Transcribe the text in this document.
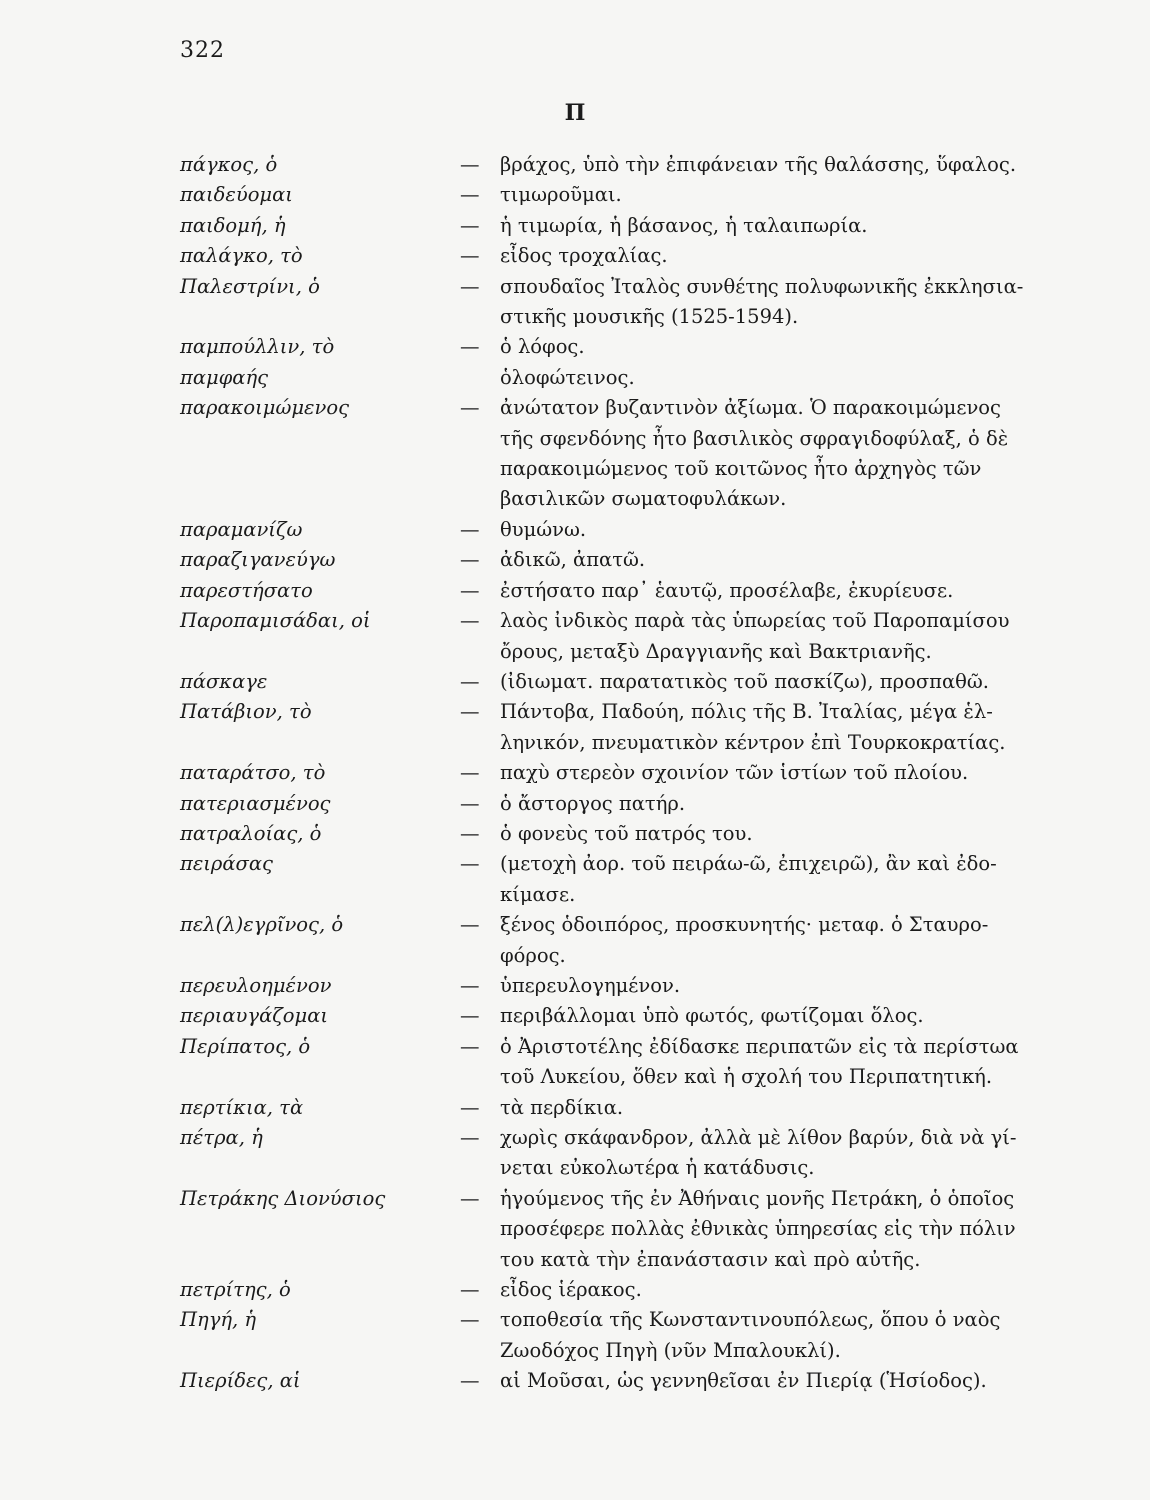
322
Π
πάγκος, ὁ	—	βράχος, ὑπὸ τὴν ἐπιφάνειαν τῆς θαλάσσης, ὕφαλος.
παιδεύομαι	—	τιμωροῦμαι.
παιδομή, ἡ	—	ἡ τιμωρία, ἡ βάσανος, ἡ ταλαιπωρία.
παλάγκο, τὸ	—	εἶδος τροχαλίας.
Παλεστρίνι, ὁ	—	σπουδαῖος Ἰταλὸς συνθέτης πολυφωνικῆς ἐκκλησια-
στικῆς μουσικῆς (1525-1594).
παμπούλλιν, τὸ	—	ὁ λόφος.
παμφαής	ὁλοφώτεινος.
παρακοιμώμενος	—	ἀνώτατον βυζαντινὸν ἀξίωμα. Ὁ παρακοιμώμενος
τῆς σφενδόνης ἦτο βασιλικὸς σφραγιδοφύλαξ, ὁ δὲ
παρακοιμώμενος τοῦ κοιτῶνος ἦτο ἀρχηγὸς τῶν
βασιλικῶν σωματοφυλάκων.
παραμανίζω	—	θυμώνω.
παραζιγανεύγω	—	ἀδικῶ, ἀπατῶ.
παρεστήσατο	—	ἐστήσατο παρ᾿ ἑαυτῷ, προσέλαβε, ἐκυρίευσε.
Παροπαμισάδαι, οἱ	—	λαὸς ἰνδικὸς παρὰ τὰς ὑπωρείας τοῦ Παροπαμίσου
ὄρους, μεταξὺ Δραγγιανῆς καὶ Βακτριανῆς.
πάσκαγε	—	(ἰδιωματ. παρατατικὸς τοῦ πασκίζω), προσπαθῶ.
Πατάβιον, τὸ	—	Πάντοβα, Παδούη, πόλις τῆς Β. Ἰταλίας, μέγα ἑλ-
ληνικόν, πνευματικὸν κέντρον ἐπὶ Τουρκοκρατίας.
παταράτσο, τὸ	—	παχὺ στερεὸν σχοινίον τῶν ἱστίων τοῦ πλοίου.
πατεριασμένος	—	ὁ ἄστοργος πατήρ.
πατραλοίας, ὁ	—	ὁ φονεὺς τοῦ πατρός του.
πειράσας	—	(μετοχὴ ἀορ. τοῦ πειράω-ῶ, ἐπιχειρῶ), ἂν καὶ ἐδο-
κίμασε.
πελ(λ)εγρῖνος, ὁ	—	ξένος ὁδοιπόρος, προσκυνητής· μεταφ. ὁ Σταυρο-
φόρος.
περευλοημένον	—	ὑπερευλογημένον.
περιαυγάζομαι	—	περιβάλλομαι ὑπὸ φωτός, φωτίζομαι ὅλος.
Περίπατος, ὁ	—	ὁ Ἀριστοτέλης ἐδίδασκε περιπατῶν εἰς τὰ περίστωα
τοῦ Λυκείου, ὅθεν καὶ ἡ σχολή του Περιπατητική.
περτίκια, τὰ	—	τὰ περδίκια.
πέτρα, ἡ	—	χωρὶς σκάφανδρον, ἀλλὰ μὲ λίθον βαρύν, διὰ νὰ γί-
νεται εὐκολωτέρα ἡ κατάδυσις.
Πετράκης Διονύσιος	—	ἡγούμενος τῆς ἐν Ἀθήναις μονῆς Πετράκη, ὁ ὁποῖος
προσέφερε πολλὰς ἐθνικὰς ὑπηρεσίας εἰς τὴν πόλιν
του κατὰ τὴν ἐπανάστασιν καὶ πρὸ αὐτῆς.
πετρίτης, ὁ	—	εἶδος ἱέρακος.
Πηγή, ἡ	—	τοποθεσία τῆς Κωνσταντινουπόλεως, ὅπου ὁ ναὸς
Ζωοδόχος Πηγὴ (νῦν Μπαλουκλί).
Πιερίδες, αἱ	—	αἱ Μοῦσαι, ὡς γεννηθεῖσαι ἐν Πιερίᾳ (Ἡσίοδος).
